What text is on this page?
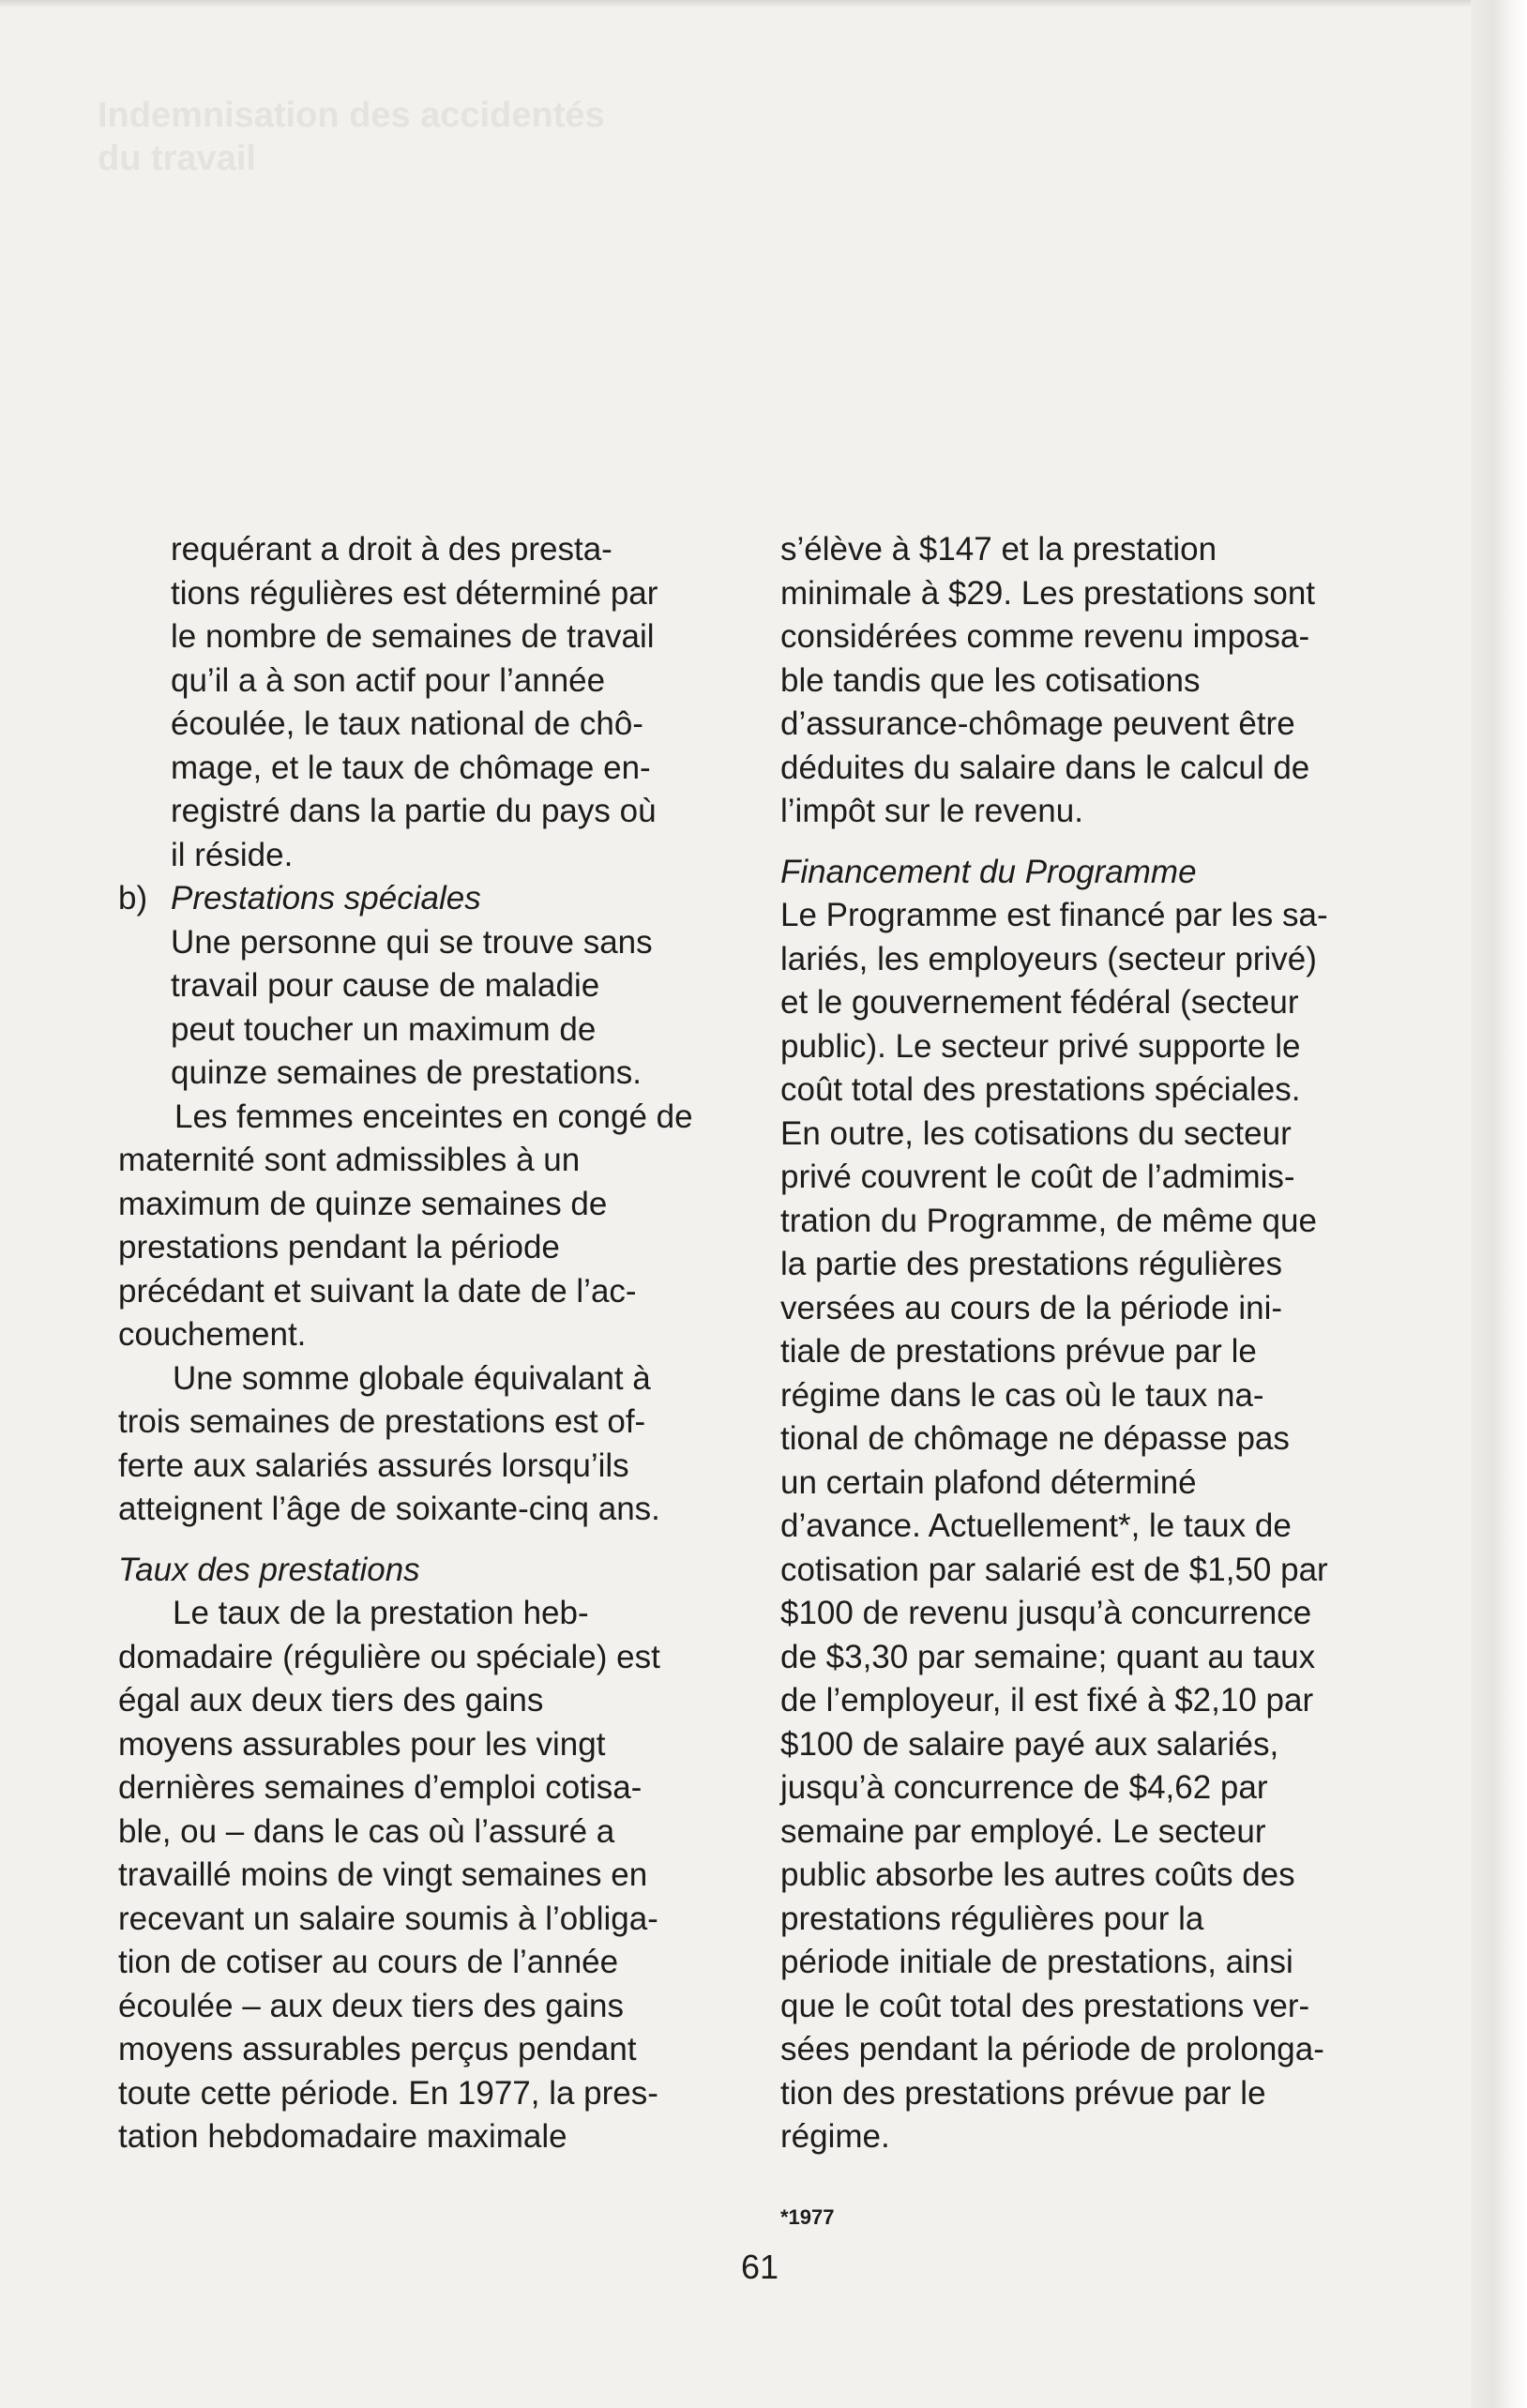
Indemnisation des accidentés
du travail
requérant a droit à des presta-
tions régulières est déterminé par
le nombre de semaines de travail
qu’il a à son actif pour l’année
écoulée, le taux national de chô-
mage, et le taux de chômage en-
registré dans la partie du pays où
il réside.
b) Prestations spéciales
Une personne qui se trouve sans
travail pour cause de maladie
peut toucher un maximum de
quinze semaines de prestations.
Les femmes enceintes en congé de
maternité sont admissibles à un
maximum de quinze semaines de
prestations pendant la période
précédant et suivant la date de l’ac-
couchement.
Une somme globale équivalant à
trois semaines de prestations est of-
ferte aux salariés assurés lorsqu’ils
atteignent l’âge de soixante-cinq ans.
Taux des prestations
Le taux de la prestation heb-
domadaire (régulière ou spéciale) est
égal aux deux tiers des gains
moyens assurables pour les vingt
dernières semaines d’emploi cotisa-
ble, ou – dans le cas où l’assuré a
travaillé moins de vingt semaines en
recevant un salaire soumis à l’obliga-
tion de cotiser au cours de l’année
écoulée – aux deux tiers des gains
moyens assurables perçus pendant
toute cette période. En 1977, la pres-
tation hebdomadaire maximale
s’élève à $147 et la prestation
minimale à $29. Les prestations sont
considérées comme revenu imposa-
ble tandis que les cotisations
d’assurance-chômage peuvent être
déduites du salaire dans le calcul de
l’impôt sur le revenu.
Financement du Programme
Le Programme est financé par les sa-
lariés, les employeurs (secteur privé)
et le gouvernement fédéral (secteur
public). Le secteur privé supporte le
coût total des prestations spéciales.
En outre, les cotisations du secteur
privé couvrent le coût de l’admimis-
tration du Programme, de même que
la partie des prestations régulières
versées au cours de la période ini-
tiale de prestations prévue par le
régime dans le cas où le taux na-
tional de chômage ne dépasse pas
un certain plafond déterminé
d’avance. Actuellement*, le taux de
cotisation par salarié est de $1,50 par
$100 de revenu jusqu’à concurrence
de $3,30 par semaine; quant au taux
de l’employeur, il est fixé à $2,10 par
$100 de salaire payé aux salariés,
jusqu’à concurrence de $4,62 par
semaine par employé. Le secteur
public absorbe les autres coûts des
prestations régulières pour la
période initiale de prestations, ainsi
que le coût total des prestations ver-
sées pendant la période de prolonga-
tion des prestations prévue par le
régime.
*1977
61
